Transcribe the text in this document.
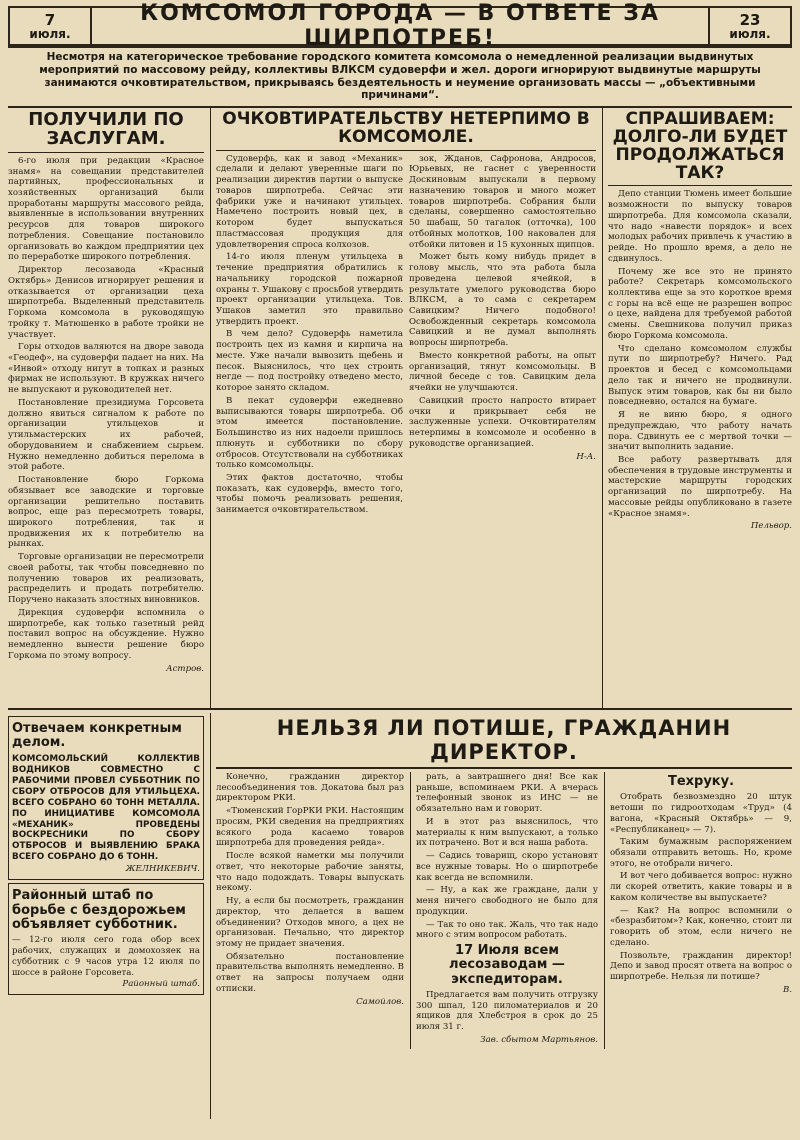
7
июля.
КОМСОМОЛ ГОРОДА — В ОТВЕТЕ ЗА ШИРПОТРЕБ!
23
июля.
Несмотря на категорическое требование городского комитета комсомола о немедленной реализации выдвинутых мероприятий по массовому рейду, коллективы ВЛКСМ судоверфи и жел. дороги игнорируют выдвинутые маршруты занимаются очковтирательством, прикрываясь бездеятельность и неумение организовать массы — „объективными причинами“.
ПОЛУЧИЛИ ПО ЗАСЛУГАМ.

6-го июля при редакции «Красное знамя» на совещании представителей партийных, профессиональных и хозяйственных организаций были проработаны маршруты массового рейда, выявленные в использовании внутренних ресурсов для товаров широкого потребления. Совещание постановило организовать во каждом предприятии цех по переработке широкого потребления.

Директор лесозавода «Красный Октябрь» Денисов игнорирует решения и отказывается от организации цеха ширпотреба. Выделенный представитель Горкома комсомола в руководящую тройку т. Матюшенко в работе тройки не участвует.

Горы отходов валяются на дворе завода «Геодеф», на судоверфи падает на них. На «Инвой» отходу нигут в топках и разных фирмах не используют. В кружках ничего не выпускают и руководителей нет.

Постановление президиума Горсовета должно явиться сигналом к работе по организации утильцехов и утильмастерских их рабочей, оборудованием и снабжением сырьем. Нужно немедленно добиться перелома в этой работе.

Постановление бюро Горкома обязывает все заводские и торговые организации решительно поставить вопрос, еще раз пересмотреть товары, широкого потребления, так и продвижения их к потребителю на рынках.

Торговые организации не пересмотрели своей работы, так чтобы повседневно по получению товаров их реализовать, распределить и продать потребителю. Поручено наказать злостных виновников.

Дирекция судоверфи вспомнила о ширпотребе, как только газетный рейд поставил вопрос на обсуждение. Нужно немедленно вынести решение бюро Горкома по этому вопросу.

Астров.
ОЧКОВТИРАТЕЛЬСТВУ НЕТЕРПИМО В КОМСОМОЛЕ.

Судоверфь, как и завод «Механик» сделали и делают уверенные шаги по реализации директив партии о выпуске товаров ширпотреба. Сейчас эти фабрики уже и начинают утильцех. Намечено построить новый цех, в котором будет выпускаться пластмассовая продукция для удовлетворения спроса колхозов.

14-го июля пленум утильцеха в течение предприятия обратились к начальнику городской пожарной охраны т. Ушакову с просьбой утвердить проект организации утильцеха. Тов. Ушаков заметил это правильно утвердить проект.

В чем дело? Судоверфь наметила построить цех из камня и кирпича на месте. Уже начали вывозить щебень и песок. Выяснилось, что цех строить негде — под постройку отведено место, которое занято складом.

В пекат судоверфи ежедневно выписываются товары ширпотреба. Об этом имеется постановление. Большинство из них надоели пришлось плюнуть и субботники по сбору отбросов. Отсутствовали на субботниках только комсомольцы.

Этих фактов достаточно, чтобы показать, как судоверфь, вместо того, чтобы помочь реализовать решения, занимается очковтирательством.

зок, Жданов, Сафронова, Андросов, Юрьевых, не гаснет с уверенности Доскиновым выпускали в первому назначению товаров и много может товаров ширпотреба. Собрания были сделаны, совершенно самостоятельно 50 шабаш, 50 тагалок (отточка), 100 отбойных молотков, 100 наковален для отбойки литовен и 15 кухонных щипцов.

Может быть кому нибудь придет в голову мысль, что эта работа была проведена целевой ячейкой, в результате умелого руководства бюро ВЛКСМ, а то сама с секретарем Савицким? Ничего подобного! Освобожденный секретарь комсомола Савицкий и не думал выполнять вопросы ширпотреба.

Вместо конкретной работы, на опыт организаций, тянут комсомольцы. В личной беседе с тов. Савицким дела ячейки не улучшаются.

Савицкий просто напросто втирает очки и прикрывает себя не заслуженные успехи. Очковтирателям нетерпимы в комсомоле и особенно в руководстве организацией.

Н-А.
СПРАШИВАЕМ: ДОЛГО-ЛИ БУДЕТ ПРОДОЛЖАТЬСЯ ТАК?

Депо станции Тюмень имеет большие возможности по выпуску товаров ширпотреба. Для комсомола сказали, что надо «навести порядок» и всех молодых рабочих привлечь к участию в рейде. Но прошло время, а дело не сдвинулось.

Почему же все это не принято работе? Секретарь комсомольского коллектива еще за это короткое время с горы на всё еще не разрешен вопрос о цехе, найдена для требуемой работой смены. Свешникова получил приказ бюро Горкома комсомола.

Что сделано комсомолом службы пути по ширпотребу? Ничего. Рад проектов и бесед с комсомольцами дело так и ничего не продвинули. Выпуск этим товаров, как бы ни было повседневно, остался на бумаге.

Я не виню бюро, я одного предупреждаю, что работу начать пора. Сдвинуть ее с мертвой точки — значит выполнить задание.

Все работу развертывать для обеспечения в трудовые инструменты и мастерские маршруты городских организаций по ширпотребу. На массовые рейды опубликовано в газете «Красное знамя».

Пельвор.
Отвечаем конкретным делом.
КОМСОМОЛЬСКИЙ КОЛЛЕКТИВ ВОДНИКОВ СОВМЕСТНО С РАБОЧИМИ ПРОВЕЛ СУББОТНИК ПО СБОРУ ОТБРОСОВ ДЛЯ УТИЛЬЦЕХА. ВСЕГО СОБРАНО 60 ТОНН МЕТАЛЛА. ПО ИНИЦИАТИВЕ КОМСОМОЛА «МЕХАНИК» ПРОВЕДЕНЫ ВОСКРЕСНИКИ ПО СБОРУ ОТБРОСОВ И ВЫЯВЛЕНИЮ БРАКА ВСЕГО СОБРАНО ДО 6 ТОНН.
ЖЕЛНИКЕВИЧ.
Районный штаб по борьбе с бездорожьем объявляет субботник.
— 12-го июля сего года обор всех рабочих, служащих и домохозяек на субботник с 9 часов утра 12 июля по шоссе в районе Горсовета.
Районный штаб.
НЕЛЬЗЯ ЛИ ПОТИШЕ, ГРАЖДАНИН ДИРЕКТОР.

Конечно, гражданин директор лесообъединения тов. Докатова был раз директором РКИ.

«Тюменский ГорРКИ РКИ. Настоящим просим, РКИ сведения на предприятиях всякого рода касаемо товаров ширпотреба для проведения рейда».

После всякой наметки мы получили ответ, что некоторые рабочие заняты, что надо подождать. Товары выпускать некому.

Ну, а если бы посмотреть, гражданин директор, что делается в вашем объединении? Отходов много, а цех не организован. Печально, что директор этому не придает значения.

Обязательно постановление правительства выполнять немедленно. В ответ на запросы получаем одни отписки.

Самойлов.

рать, а завтрашнего дня! Все как раньше, вспоминаем РКИ. А вчерась телефонный звонок из ИНС — не обязательно нам и говорит.

И в этот раз выяснилось, что материалы к ним выпускают, а только их потрачено. Вот и вся наша работа.

— Садись товарищ, скоро установят все нужные товары. Но о ширпотребе как всегда не вспомнили.

— Ну, а как же граждане, дали у меня ничего свободного не было для продукции.

— Так то оно так. Жаль, что так надо много с этим вопросом работать.

17 Июля всем лесозаводам — экспедиторам.

Предлагается вам получить отгрузку 300 шпал, 120 пиломатериалов и 20 ящиков для Хлебстроя в срок до 25 июля 31 г.

Зав. сбытом Мартьянов.
Техруку.

Отобрать безвозмездно 20 штук ветоши по гидроотходам «Труд» (4 вагона, «Красный Октябрь» — 9, «Республиканец» — 7).

Таким бумажным распоряжением обязали отправить ветошь. Но, кроме этого, не отобрали ничего.

И вот чего добивается вопрос: нужно ли скорей ответить, какие товары и в каком количестве вы выпускаете?

— Как? На вопрос вспомнили о «безразбитом»? Как, конечно, стоит ли говорить об этом, если ничего не сделано.

Позвольте, гражданин директор! Депо и завод просят ответа на вопрос о ширпотребе. Нельзя ли потише?

В.
